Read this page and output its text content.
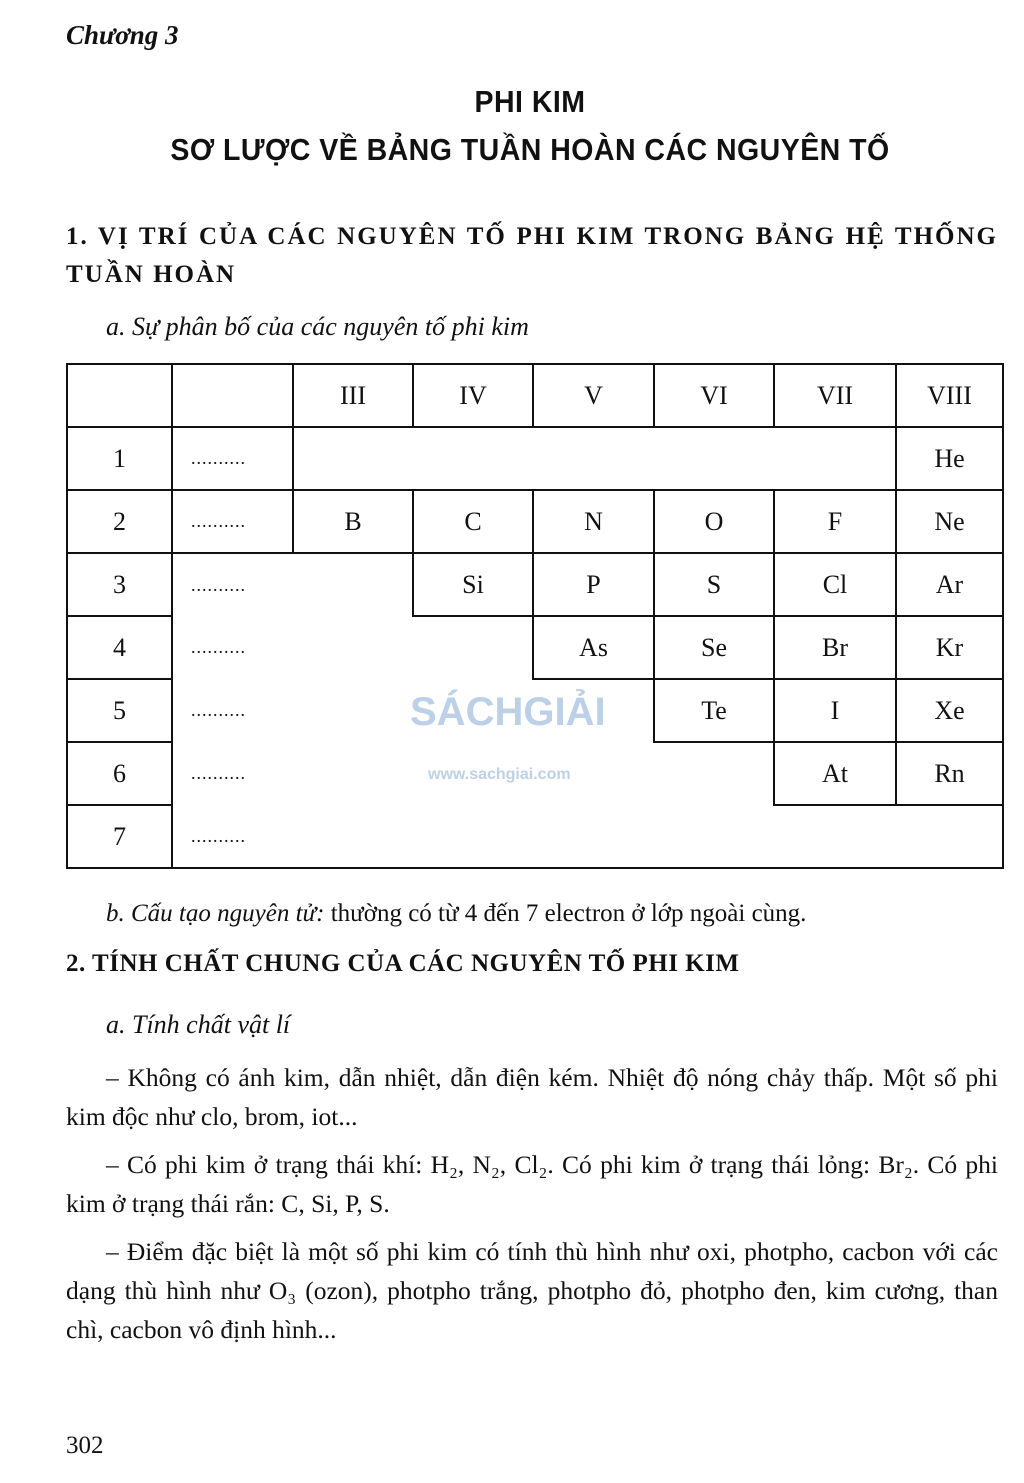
Chương 3
PHI KIM
SƠ LƯỢC VỀ BẢNG TUẦN HOÀN CÁC NGUYÊN TỐ
1. VỊ TRÍ CỦA CÁC NGUYÊN TỐ PHI KIM TRONG BẢNG HỆ THỐNG TUẦN HOÀN
a. Sự phân bố của các nguyên tố phi kim
		III	IV	V	VI	VII	VIII
1	..........						He
2	..........	B	C	N	O	F	Ne
3	..........		Si	P	S	Cl	Ar
4	..........			As	Se	Br	Kr
5	..........				Te	I	Xe
6	..........					At	Rn
7	..........						
SÁCHGIẢI
www.sachgiai.com
b. Cấu tạo nguyên tử: thường có từ 4 đến 7 electron ở lớp ngoài cùng.
2. TÍNH CHẤT CHUNG CỦA CÁC NGUYÊN TỐ PHI KIM
a. Tính chất vật lí
– Không có ánh kim, dẫn nhiệt, dẫn điện kém. Nhiệt độ nóng chảy thấp. Một số phi kim độc như clo, brom, iot...
– Có phi kim ở trạng thái khí: H₂, N₂, Cl₂. Có phi kim ở trạng thái lỏng: Br₂. Có phi kim ở trạng thái rắn: C, Si, P, S.
– Điểm đặc biệt là một số phi kim có tính thù hình như oxi, photpho, cacbon với các dạng thù hình như O₃ (ozon), photpho trắng, photpho đỏ, photpho đen, kim cương, than chì, cacbon vô định hình...
302
